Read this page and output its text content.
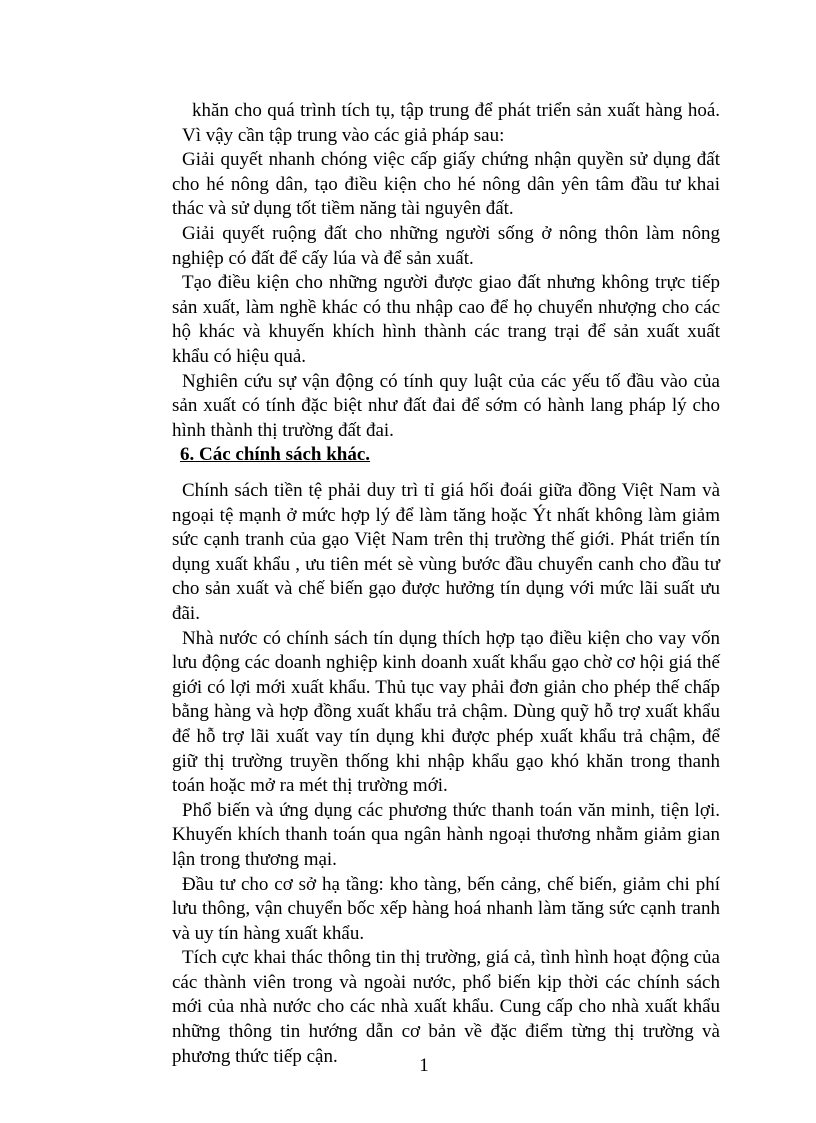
khăn cho quá trình tích tụ, tập trung để phát triển sản xuất hàng hoá. Vì vậy cần tập trung vào các giả pháp sau:

Giải quyết nhanh chóng việc cấp giấy chứng nhận quyền sử dụng đất cho hé nông dân, tạo điều kiện cho hé nông dân yên tâm đầu tư khai thác và sử dụng tốt tiềm năng tài nguyên đất.

Giải quyết ruộng đất cho những người sống ở nông thôn làm nông nghiệp có đất để cấy lúa và để sản xuất.

Tạo điều kiện cho những người được giao đất nhưng không trực tiếp sản xuất, làm nghề khác có thu nhập cao để họ chuyển nhượng cho các hộ khác và khuyến khích hình thành các trang trại để sản xuất xuất khẩu có hiệu quả.

Nghiên cứu sự vận động có tính quy luật của các yếu tố đầu vào của sản xuất có tính đặc biệt như đất đai để sớm có hành lang pháp lý cho hình thành thị trường đất đai.

6. Các chính sách khác.

Chính sách tiền tệ phải duy trì tỉ giá hối đoái giữa đồng Việt Nam và ngoại tệ mạnh ở mức hợp lý để làm tăng hoặc Ýt nhất không làm giảm sức cạnh tranh của gạo Việt Nam trên thị trường thế giới. Phát triển tín dụng xuất khẩu , ưu tiên mét sè vùng bước đầu chuyển canh cho đầu tư cho sản xuất và chế biến gạo được hưởng tín dụng với mức lãi suất ưu đãi.

Nhà nước có chính sách tín dụng thích hợp tạo điều kiện cho vay vốn lưu động các doanh nghiệp kinh doanh xuất khẩu gạo chờ cơ hội giá thế giới có lợi mới xuất khẩu. Thủ tục vay phải đơn giản cho phép thế chấp bằng hàng và hợp đồng xuất khẩu trả chậm. Dùng quỹ hỗ trợ xuất khẩu để hỗ trợ lãi xuất vay tín dụng khi được phép xuất khẩu trả chậm, để giữ thị trường truyền thống khi nhập khẩu gạo khó khăn trong thanh toán hoặc mở ra mét thị trường mới.

Phổ biến và ứng dụng các phương thức thanh toán văn minh, tiện lợi. Khuyến khích thanh toán qua ngân hành ngoại thương nhằm giảm gian lận trong thương mại.

Đầu tư cho cơ sở hạ tầng: kho tàng, bến cảng, chế biến, giảm chi phí lưu thông, vận chuyển bốc xếp hàng hoá nhanh làm tăng sức cạnh tranh và uy tín hàng xuất khẩu.

Tích cực khai thác thông tin thị trường, giá cả, tình hình hoạt động của các thành viên trong và ngoài nước, phổ biến kịp thời các chính sách mới của nhà nước cho các nhà xuất khẩu. Cung cấp cho nhà xuất khẩu những thông tin hướng dẫn cơ bản về đặc điểm từng thị trường và phương thức tiếp cận.	1
